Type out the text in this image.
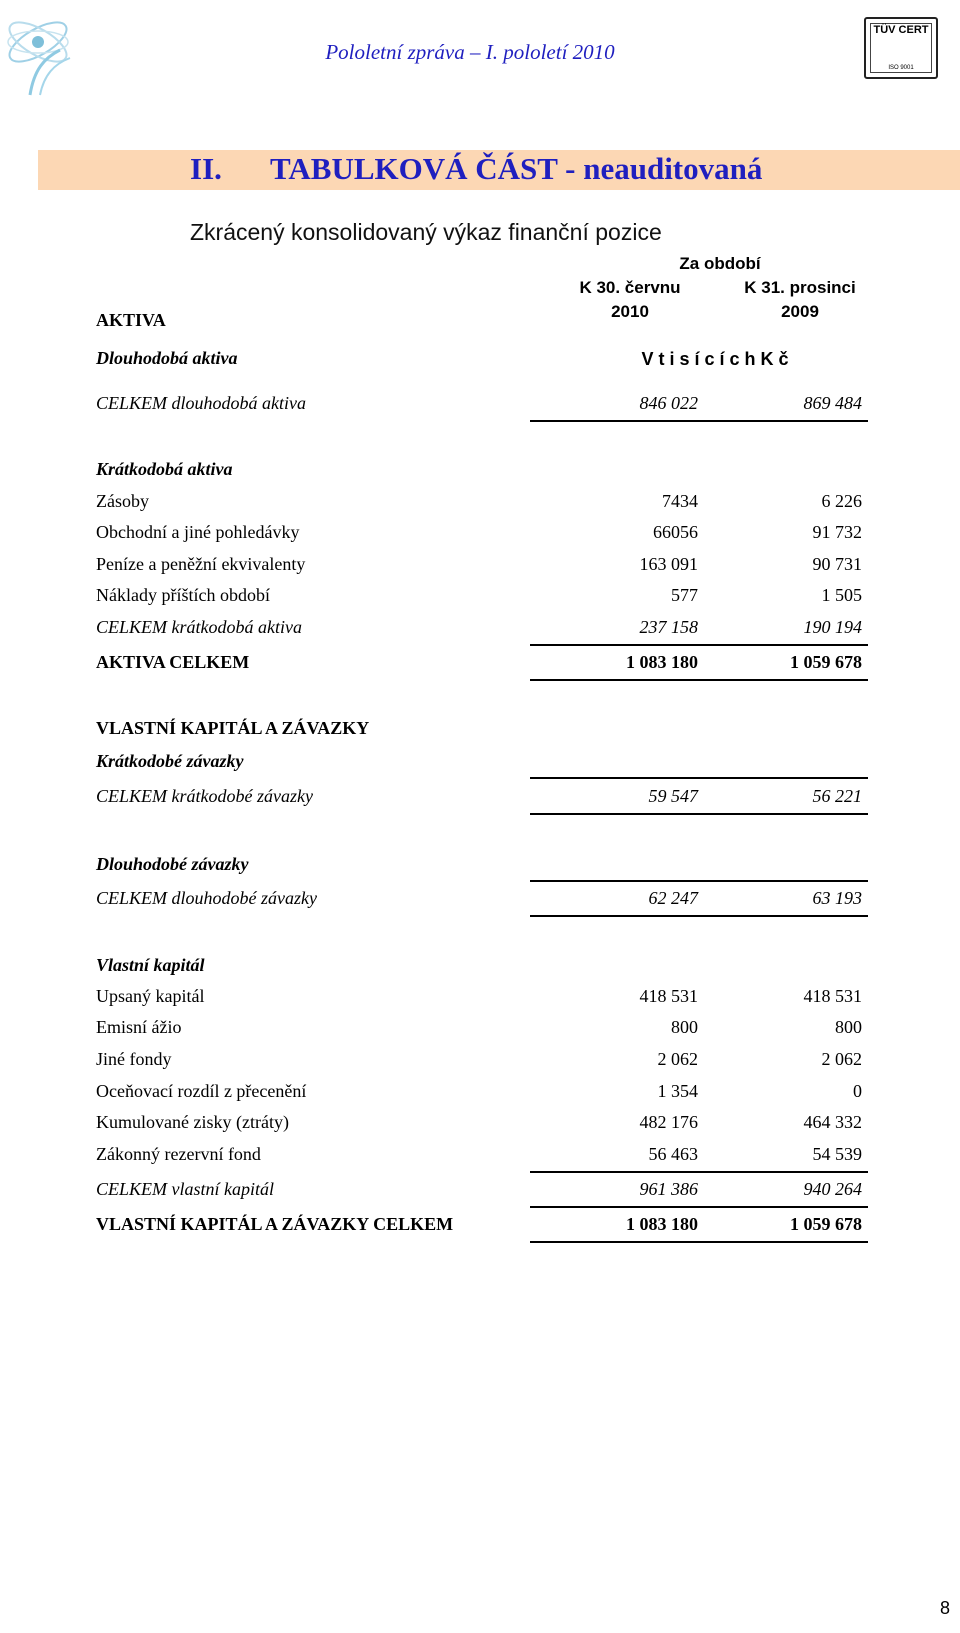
Pololetní zpráva – I. pololetí 2010
TÜV CERT
ISO 9001
II. TABULKOVÁ ČÁST - neauditovaná
Zkrácený konsolidovaný výkaz finanční pozice
Za období
K 30. červnu
2010
K 31. prosinci
2009
AKTIVA
Dlouhodobá aktiva	V t i s í c í c h K č
CELKEM dlouhodobá aktiva	846 022	869 484
Krátkodobá aktiva
Zásoby	7434	6 226
Obchodní a jiné pohledávky	66056	91 732
Peníze a peněžní ekvivalenty	163 091	90 731
Náklady příštích období	577	1 505
CELKEM krátkodobá aktiva	237 158	190 194
AKTIVA CELKEM	1 083 180	1 059 678
VLASTNÍ KAPITÁL A ZÁVAZKY
Krátkodobé závazky
CELKEM krátkodobé závazky	59 547	56 221
Dlouhodobé závazky
CELKEM dlouhodobé závazky	62 247	63 193
Vlastní kapitál
Upsaný kapitál	418 531	418 531
Emisní ážio	800	800
Jiné fondy	2 062	2 062
Oceňovací rozdíl z přecenění	1 354	0
Kumulované zisky (ztráty)	482 176	464 332
Zákonný rezervní fond	56 463	54 539
CELKEM vlastní kapitál	961 386	940 264
VLASTNÍ KAPITÁL A ZÁVAZKY CELKEM	1 083 180	1 059 678
8
